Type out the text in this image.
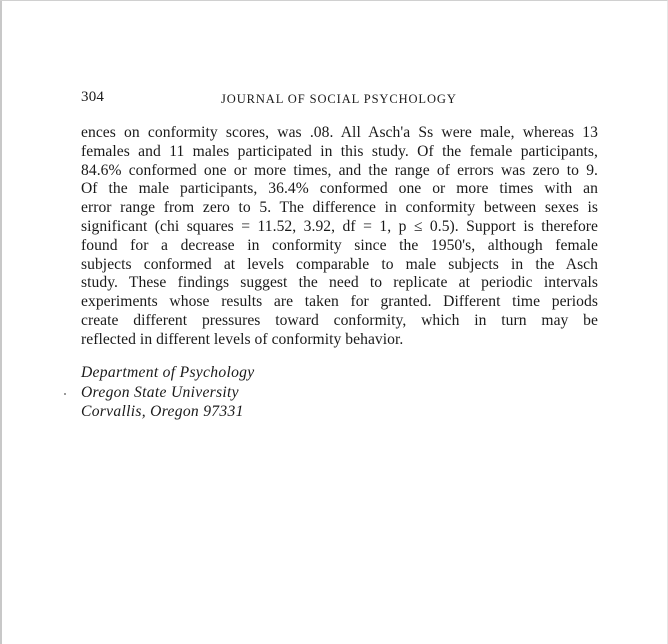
304	JOURNAL OF SOCIAL PSYCHOLOGY
ences on conformity scores, was .08. All Asch'a Ss were male, whereas 13
females and 11 males participated in this study. Of the female participants,
84.6% conformed one or more times, and the range of errors was zero to 9.
Of the male participants, 36.4% conformed one or more times with an
error range from zero to 5. The difference in conformity between sexes is
significant (chi squares = 11.52, 3.92, df = 1, p ≤ 0.5). Support is therefore
found for a decrease in conformity since the 1950's, although female
subjects conformed at levels comparable to male subjects in the Asch
study. These findings suggest the need to replicate at periodic intervals
experiments whose results are taken for granted. Different time periods
create different pressures toward conformity, which in turn may be
reflected in different levels of conformity behavior.
Department of Psychology
Oregon State University
Corvallis, Oregon 97331
